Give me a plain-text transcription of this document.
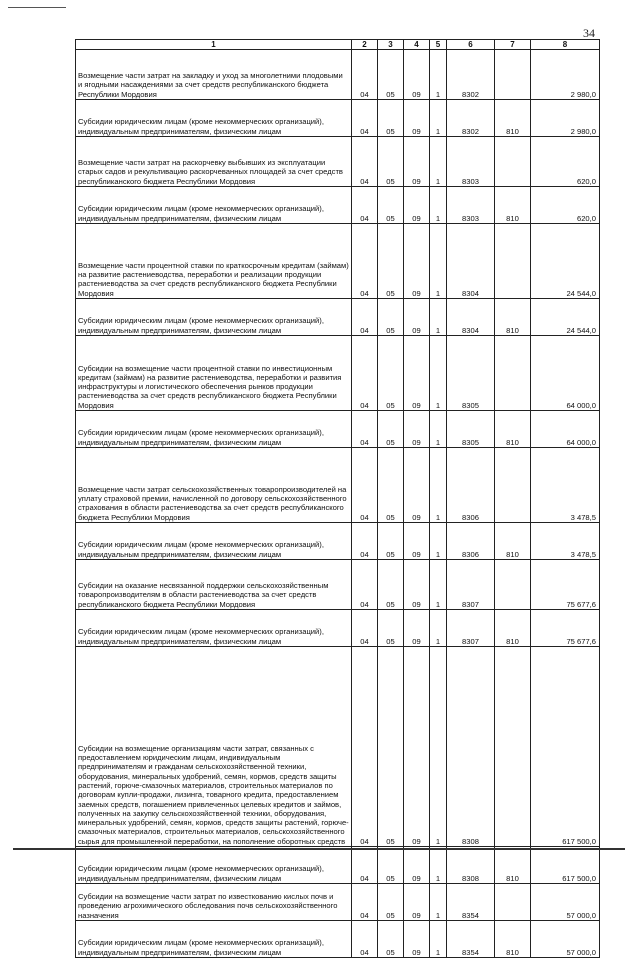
34
1	2	3	4	5	6	7	8
Возмещение части затрат на закладку и уход за многолетними плодовыми и ягодными насаждениями за счет средств республиканского бюджета Республики Мордовия	04	05	09	1	8302		2 980,0
Субсидии юридическим лицам (кроме некоммерческих организаций), индивидуальным предпринимателям, физическим лицам	04	05	09	1	8302	810	2 980,0
Возмещение части затрат на раскорчевку выбывших из эксплуатации старых садов и рекультивацию раскорчеванных площадей за счет средств республиканского бюджета Республики Мордовия	04	05	09	1	8303		620,0
Субсидии юридическим лицам (кроме некоммерческих организаций), индивидуальным предпринимателям, физическим лицам	04	05	09	1	8303	810	620,0
Возмещение части процентной ставки по краткосрочным кредитам (займам) на развитие растениеводства, переработки и реализации продукции растениеводства за счет средств республиканского бюджета Республики Мордовия	04	05	09	1	8304		24 544,0
Субсидии юридическим лицам (кроме некоммерческих организаций), индивидуальным предпринимателям, физическим лицам	04	05	09	1	8304	810	24 544,0
Субсидии на возмещение части процентной ставки по инвестиционным кредитам (займам) на развитие растениеводства, переработки и развития инфраструктуры и логистического обеспечения рынков продукции растениеводства за счет средств республиканского бюджета Республики Мордовия	04	05	09	1	8305		64 000,0
Субсидии юридическим лицам (кроме некоммерческих организаций), индивидуальным предпринимателям, физическим лицам	04	05	09	1	8305	810	64 000,0
Возмещение части затрат сельскохозяйственных товаропроизводителей на уплату страховой премии, начисленной по договору сельскохозяйственного страхования в области растениеводства за счет средств республиканского бюджета Республики Мордовия	04	05	09	1	8306		3 478,5
Субсидии юридическим лицам (кроме некоммерческих организаций), индивидуальным предпринимателям, физическим лицам	04	05	09	1	8306	810	3 478,5
Субсидии на оказание несвязанной поддержки сельскохозяйственным товаропроизводителям в области растениеводства за счет средств республиканского бюджета Республики Мордовия	04	05	09	1	8307		75 677,6
Субсидии юридическим лицам (кроме некоммерческих организаций), индивидуальным предпринимателям, физическим лицам	04	05	09	1	8307	810	75 677,6
Субсидии на возмещение организациям части затрат, связанных с предоставлением юридическим лицам, индивидуальным предпринимателям и гражданам сельскохозяйственной техники, оборудования, минеральных удобрений, семян, кормов, средств защиты растений, горюче-смазочных материалов, строительных материалов по договорам купли-продажи, лизинга, товарного кредита, предоставлением заемных средств, погашением привлеченных целевых кредитов и займов, полученных на закупку сельскохозяйственной техники, оборудования, минеральных удобрений, семян, кормов, средств защиты растений, горюче-смазочных материалов, строительных материалов, сельскохозяйственного сырья для промышленной переработки, на пополнение оборотных средств	04	05	09	1	8308		617 500,0
Субсидии юридическим лицам (кроме некоммерческих организаций), индивидуальным предпринимателям, физическим лицам	04	05	09	1	8308	810	617 500,0
Субсидии на возмещение части затрат по известкованию кислых почв и проведению агрохимического обследования почв сельскохозяйственного назначения	04	05	09	1	8354		57 000,0
Субсидии юридическим лицам (кроме некоммерческих организаций), индивидуальным предпринимателям, физическим лицам	04	05	09	1	8354	810	57 000,0
